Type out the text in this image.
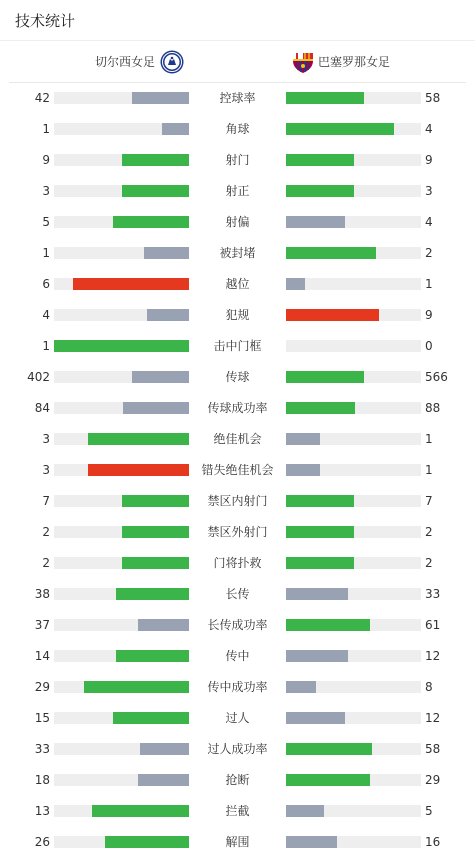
技术统计
切尔西女足	巴塞罗那女足
42	控球率	58
1	角球	4
9	射门	9
3	射正	3
5	射偏	4
1	被封堵	2
6	越位	1
4	犯规	9
1	击中门框	0
402	传球	566
84	传球成功率	88
3	绝佳机会	1
3	错失绝佳机会	1
7	禁区内射门	7
2	禁区外射门	2
2	门将扑救	2
38	长传	33
37	长传成功率	61
14	传中	12
29	传中成功率	8
15	过人	12
33	过人成功率	58
18	抢断	29
13	拦截	5
26	解围	16
